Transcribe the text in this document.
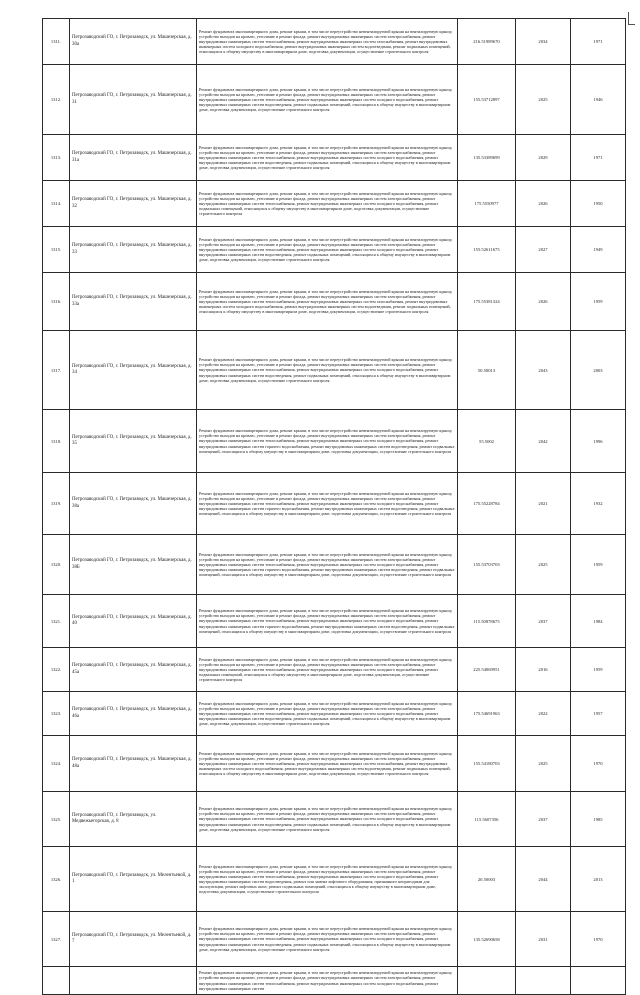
1311.	Петрозаводский ГО, г. Петрозаводск, ул. Машезерская, д. 30а	Ремонт фундамента многоквартирного дома, ремонт крыши, в том числе переустройство невентилируемой крыши на вентилируемую крышу, устройство выходов на кровлю, утепление и ремонт фасада, ремонт внутридомовых инженерных систем электроснабжения, ремонт внутридомовых инженерных систем теплоснабжения, ремонт внутридомовых инженерных систем газоснабжения, ремонт внутридомовых инженерных систем холодного водоснабжения, ремонт внутридомовых инженерных систем водоотведения, ремонт подвальных помещений, относящихся к общему имуществу в многоквартирном доме, подготовка документации, осуществление строительного контроля	216.51989670	2034	1971
1312.	Петрозаводский ГО, г. Петрозаводск, ул. Машезерская, д. 31	Ремонт фундамента многоквартирного дома, ремонт крыши, в том числе переустройство невентилируемой крыши на вентилируемую крышу, устройство выходов на кровлю, утепление и ремонт фасада, ремонт внутридомовых инженерных систем электроснабжения, ремонт внутридомовых инженерных систем теплоснабжения, ремонт внутридомовых инженерных систем холодного водоснабжения, ремонт внутридомовых инженерных систем водоотведения, ремонт подвальных помещений, относящихся к общему имуществу в многоквартирном доме, подготовка документации, осуществление строительного контроля	155.53712897	2025	1946
1313.	Петрозаводский ГО, г. Петрозаводск, ул. Машезерская, д. 31а	Ремонт фундамента многоквартирного дома, ремонт крыши, в том числе переустройство невентилируемой крыши на вентилируемую крышу, устройство выходов на кровлю, утепление и ремонт фасада, ремонт внутридомовых инженерных систем электроснабжения, ремонт внутридомовых инженерных систем теплоснабжения, ремонт внутридомовых инженерных систем холодного водоснабжения, ремонт внутридомовых инженерных систем водоотведения, ремонт подвальных помещений, относящихся к общему имуществу в многоквартирном доме, подготовка документации, осуществление строительного контроля	135.53389699	2029	1971
1314.	Петрозаводский ГО, г. Петрозаводск, ул. Машезерская, д. 32	Ремонт фундамента многоквартирного дома, ремонт крыши, в том числе переустройство невентилируемой крыши на вентилируемую крышу, устройство выходов на кровлю, утепление и ремонт фасада, ремонт внутридомовых инженерных систем электроснабжения, ремонт внутридомовых инженерных систем теплоснабжения, ремонт внутридомовых инженерных систем холодного водоснабжения, ремонт подвальных помещений, относящихся к общему имуществу в многоквартирном доме, подготовка документации, осуществление строительного контроля	175.5550977	2026	1950
1315.	Петрозаводский ГО, г. Петрозаводск, ул. Машезерская, д. 33	Ремонт фундамента многоквартирного дома, ремонт крыши, в том числе переустройство невентилируемой крыши на вентилируемую крышу, устройство выходов на кровлю, утепление и ремонт фасада, ремонт внутридомовых инженерных систем электроснабжения, ремонт внутридомовых инженерных систем теплоснабжения, ремонт внутридомовых инженерных систем холодного водоснабжения, ремонт внутридомовых инженерных систем водоотведения, ремонт подвальных помещений, относящихся к общему имуществу в многоквартирном доме, подготовка документации, осуществление строительного контроля	155.52611675	2027	1949
1316.	Петрозаводский ГО, г. Петрозаводск, ул. Машезерская, д. 33а	Ремонт фундамента многоквартирного дома, ремонт крыши, в том числе переустройство невентилируемой крыши на вентилируемую крышу, устройство выходов на кровлю, утепление и ремонт фасада, ремонт внутридомовых инженерных систем электроснабжения, ремонт внутридомовых инженерных систем теплоснабжения, ремонт внутридомовых инженерных систем газоснабжения, ремонт внутридомовых инженерных систем холодного водоснабжения, ремонт внутридомовых инженерных систем водоотведения, ремонт подвальных помещений, относящихся к общему имуществу в многоквартирном доме, подготовка документации, осуществление строительного контроля	175.55381324	2026	1959
1317.	Петрозаводский ГО, г. Петрозаводск, ул. Машезерская, д. 34	Ремонт фундамента многоквартирного дома, ремонт крыши, в том числе переустройство невентилируемой крыши на вентилируемую крышу, устройство выходов на кровлю, утепление и ремонт фасада, ремонт внутридомовых инженерных систем электроснабжения, ремонт внутридомовых инженерных систем теплоснабжения, ремонт внутридомовых инженерных систем холодного водоснабжения, ремонт внутридомовых инженерных систем водоотведения, ремонт подвальных помещений, относящихся к общему имуществу в многоквартирном доме, подготовка документации, осуществление строительного контроля	50.50013	2043	2003
1318.	Петрозаводский ГО, г. Петрозаводск, ул. Машезерская, д. 35	Ремонт фундамента многоквартирного дома, ремонт крыши, в том числе переустройство невентилируемой крыши на вентилируемую крышу, устройство выходов на кровлю, утепление и ремонт фасада, ремонт внутридомовых инженерных систем электроснабжения, ремонт внутридомовых инженерных систем теплоснабжения, ремонт внутридомовых инженерных систем холодного водоснабжения, ремонт внутридомовых инженерных систем горячего водоснабжения, ремонт внутридомовых инженерных систем водоотведения, ремонт подвальных помещений, относящихся к общему имуществу в многоквартирном доме, подготовка документации, осуществление строительного контроля	55.5002	2042	1996
1319.	Петрозаводский ГО, г. Петрозаводск, ул. Машезерская, д. 38а	Ремонт фундамента многоквартирного дома, ремонт крыши, в том числе переустройство невентилируемой крыши на вентилируемую крышу, устройство выходов на кровлю, утепление и ремонт фасада, ремонт внутридомовых инженерных систем электроснабжения, ремонт внутридомовых инженерных систем теплоснабжения, ремонт внутридомовых инженерных систем холодного водоснабжения, ремонт внутридомовых инженерных систем горячего водоснабжения, ремонт внутридомовых инженерных систем водоотведения, ремонт подвальных помещений, относящихся к общему имуществу в многоквартирном доме, подготовка документации, осуществление строительного контроля	175.55228784	2021	1932
1320.	Петрозаводский ГО, г. Петрозаводск, ул. Машезерская, д. 38Б	Ремонт фундамента многоквартирного дома, ремонт крыши, в том числе переустройство невентилируемой крыши на вентилируемую крышу, устройство выходов на кровлю, утепление и ремонт фасада, ремонт внутридомовых инженерных систем электроснабжения, ремонт внутридомовых инженерных систем теплоснабжения, ремонт внутридомовых инженерных систем холодного водоснабжения, ремонт внутридомовых инженерных систем горячего водоснабжения, ремонт внутридомовых инженерных систем водоотведения, ремонт подвальных помещений, относящихся к общему имуществу в многоквартирном доме, подготовка документации, осуществление строительного контроля	155.53703703	2025	1959
1321.	Петрозаводский ГО, г. Петрозаводск, ул. Машезерская, д. 40	Ремонт фундамента многоквартирного дома, ремонт крыши, в том числе переустройство невентилируемой крыши на вентилируемую крышу, устройство выходов на кровлю, утепление и ремонт фасада, ремонт внутридомовых инженерных систем электроснабжения, ремонт внутридомовых инженерных систем теплоснабжения, ремонт внутридомовых инженерных систем холодного водоснабжения, ремонт внутридомовых инженерных систем горячего водоснабжения, ремонт внутридомовых инженерных систем водоотведения, ремонт подвальных помещений, относящихся к общему имуществу в многоквартирном доме, подготовка документации, осуществление строительного контроля	115.50878675	2037	1984
1322.	Петрозаводский ГО, г. Петрозаводск, ул. Машезерская, д. 45а	Ремонт фундамента многоквартирного дома, ремонт крыши, в том числе переустройство невентилируемой крыши на вентилируемую крышу, устройство выходов на кровлю, утепление и ремонт фасада, ремонт внутридомовых инженерных систем электроснабжения, ремонт внутридомовых инженерных систем теплоснабжения, ремонт внутридомовых инженерных систем холодного водоснабжения, ремонт подвальных помещений, относящихся к общему имуществу в многоквартирном доме, подготовка документации, осуществление строительного контроля	225.54069951	2016	1959
1323.	Петрозаводский ГО, г. Петрозаводск, ул. Машезерская, д. 46а	Ремонт фундамента многоквартирного дома, ремонт крыши, в том числе переустройство невентилируемой крыши на вентилируемую крышу, устройство выходов на кровлю, утепление и ремонт фасада, ремонт внутридомовых инженерных систем электроснабжения, ремонт внутридомовых инженерных систем теплоснабжения, ремонт внутридомовых инженерных систем холодного водоснабжения, ремонт внутридомовых инженерных систем водоотведения, ремонт подвальных помещений, относящихся к общему имуществу в многоквартирном доме, подготовка документации, осуществление строительного контроля	175.54691963	2022	1957
1324.	Петрозаводский ГО, г. Петрозаводск, ул. Машезерская, д. 48а	Ремонт фундамента многоквартирного дома, ремонт крыши, в том числе переустройство невентилируемой крыши на вентилируемую крышу, устройство выходов на кровлю, утепление и ремонт фасада, ремонт внутридомовых инженерных систем электроснабжения, ремонт внутридомовых инженерных систем теплоснабжения, ремонт внутридомовых инженерных систем газоснабжения, ремонт внутридомовых инженерных систем холодного водоснабжения, ремонт внутридомовых инженерных систем водоотведения, ремонт подвальных помещений, относящихся к общему имуществу в многоквартирном доме, подготовка документации, осуществление строительного контроля	155.54180703	2025	1970
1325.	Петрозаводский ГО, г. Петрозаводск, ул. Медвежьегорская, д. 8	Ремонт фундамента многоквартирного дома, ремонт крыши, в том числе переустройство невентилируемой крыши на вентилируемую крышу, устройство выходов на кровлю, утепление и ремонт фасада, ремонт внутридомовых инженерных систем электроснабжения, ремонт внутридомовых инженерных систем теплоснабжения, ремонт внутридомовых инженерных систем холодного водоснабжения, ремонт внутридомовых инженерных систем водоотведения, ремонт подвальных помещений, относящихся к общему имуществу в многоквартирном доме, подготовка документации, осуществление строительного контроля	115.5607356	2037	1985
1326.	Петрозаводский ГО, г. Петрозаводск, ул. Мелентьевой, д. 1	Ремонт фундамента многоквартирного дома, ремонт крыши, в том числе переустройство невентилируемой крыши на вентилируемую крышу, устройство выходов на кровлю, утепление и ремонт фасада, ремонт внутридомовых инженерных систем электроснабжения, ремонт внутридомовых инженерных систем теплоснабжения, ремонт внутридомовых инженерных систем холодного водоснабжения, ремонт внутридомовых инженерных систем водоотведения, ремонт или замена лифтового оборудования, признанного непригодным для эксплуатации, ремонт лифтовых шахт, ремонт подвальных помещений, относящихся к общему имуществу в многоквартирном доме, подготовка документации, осуществление строительного контроля	20.50003	2044	2013
1327.	Петрозаводский ГО, г. Петрозаводск, ул. Мелентьевой, д. 7	Ремонт фундамента многоквартирного дома, ремонт крыши, в том числе переустройство невентилируемой крыши на вентилируемую крышу, устройство выходов на кровлю, утепление и ремонт фасада, ремонт внутридомовых инженерных систем электроснабжения, ремонт внутридомовых инженерных систем теплоснабжения, ремонт внутридомовых инженерных систем холодного водоснабжения, ремонт внутридомовых инженерных систем водоотведения, ремонт подвальных помещений, относящихся к общему имуществу в многоквартирном доме, подготовка документации, осуществление строительного контроля	135.52690658	2031	1970
		Ремонт фундамента многоквартирного дома, ремонт крыши, в том числе переустройство невентилируемой крыши на вентилируемую крышу, устройство выходов на кровлю, утепление и ремонт фасада, ремонт внутридомовых инженерных систем электроснабжения, ремонт внутридомовых инженерных систем теплоснабжения, ремонт внутридомовых инженерных систем холодного водоснабжения, ремонт внутридомовых инженерных систем			
